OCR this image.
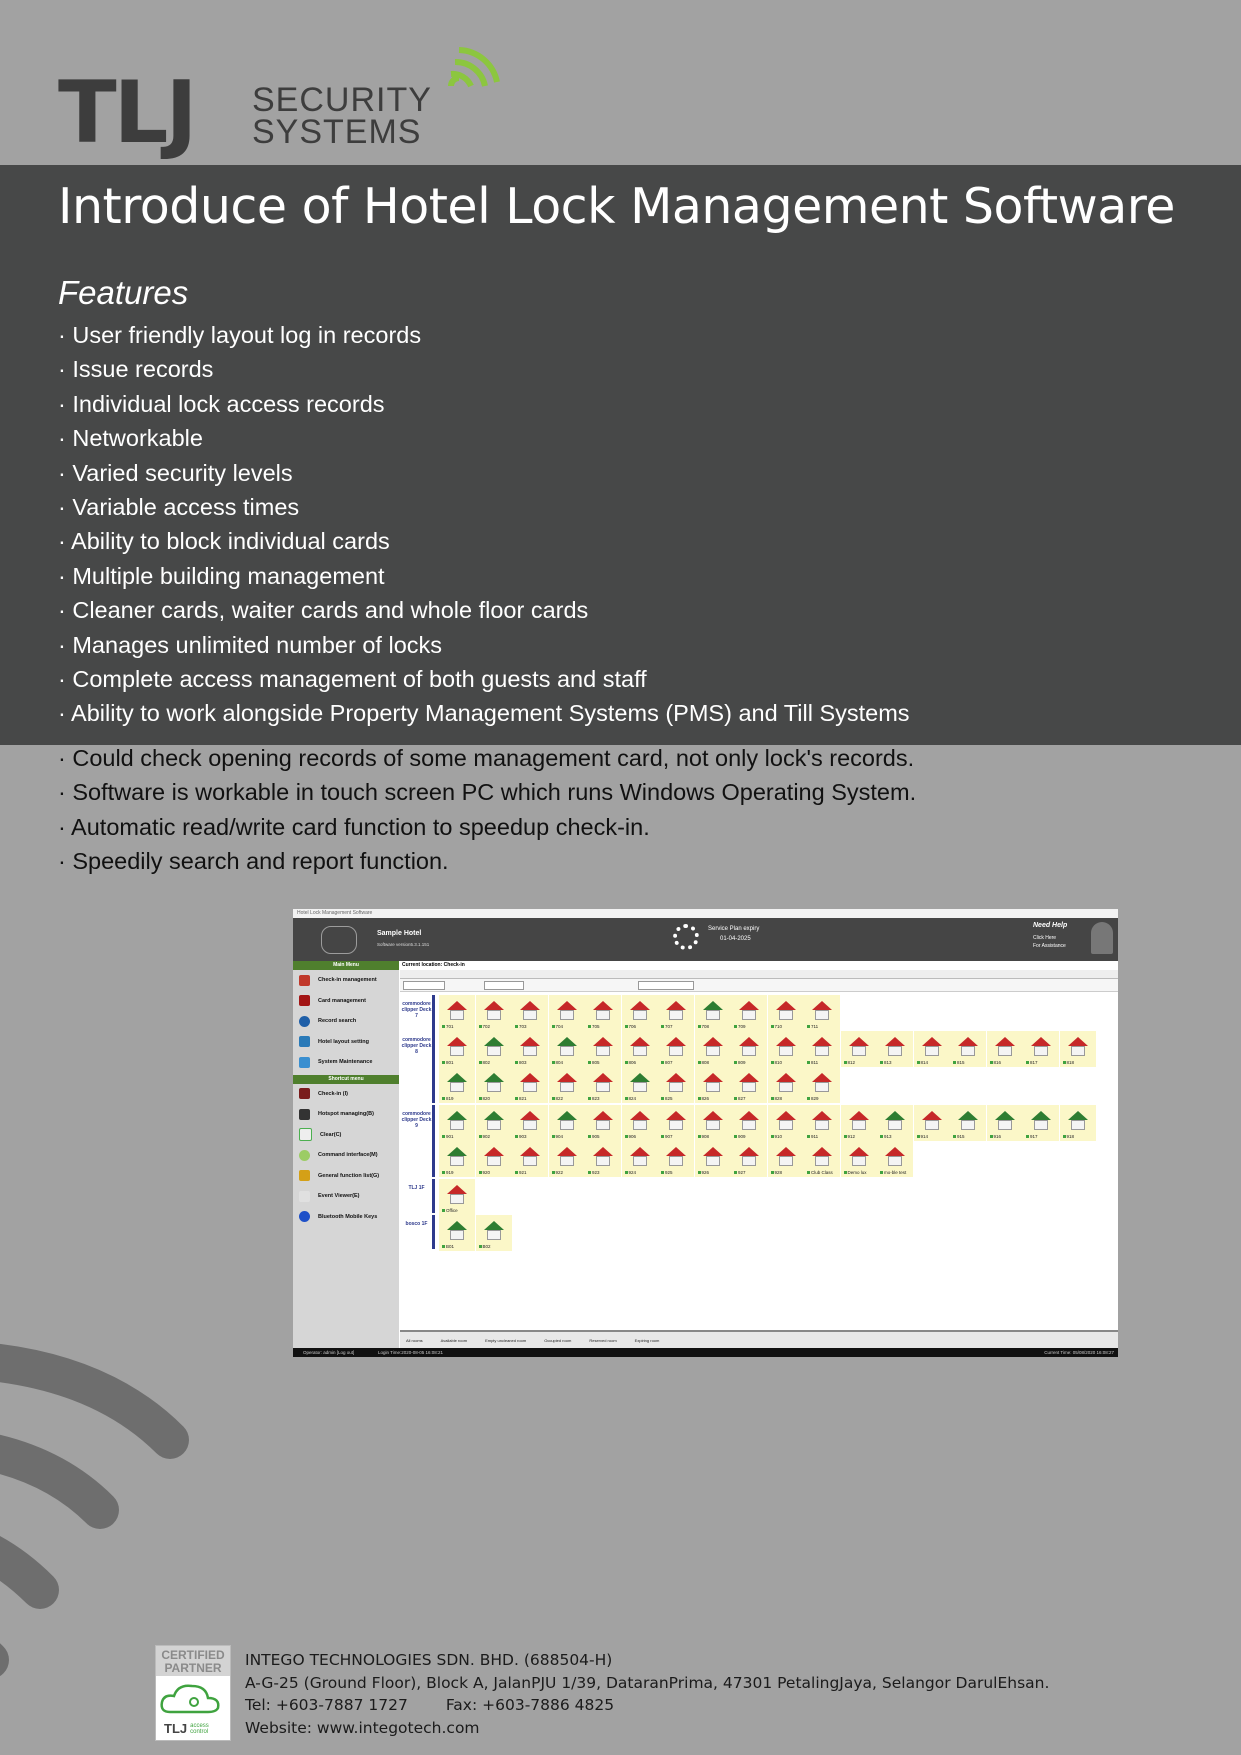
TLJ SECURITY
SYSTEMS
Introduce of Hotel Lock Management Software
Features
· User friendly layout log in records
· Issue records
· Individual lock access records
· Networkable
· Varied security levels
· Variable access times
· Ability to block individual cards
· Multiple building management
· Cleaner cards, waiter cards and whole floor cards
· Manages unlimited number of locks
· Complete access management of both guests and staff
· Ability to work alongside Property Management Systems (PMS) and Till Systems
· Could check opening records of some management card, not only lock's records.
· Software is workable in touch screen PC which runs Windows Operating System.
· Automatic read/write card function to speedup check-in.
· Speedily search and report function.
Hotel Lock Management Software
Sample Hotel
Software version5.3.1.151
Service Plan expiry
01-04-2025
Need Help
Click Here
For Assistance
Main Menu
Check-in management
Card management
Record search
Hotel layout setting
System Maintenance
Shortcut menu
Check-in (I)
Hotspot managing(B)
Clear(C)
Command interface(M)
General function list(G)
Event Viewer(E)
Bluetooth Mobile Keys
Current location: Check-in
commodore clipper Deck 7
701	702	703	704	705	706	707	708	709	710	711
commodore clipper Deck 8
801	802	803	804	805	806	807	808	809	810	811	812	813	814	815	816	817	818
819	820	821	822	823	824	825	826	827	828	829
commodore clipper Deck 9
901	902	903	904	905	906	907	908	909	910	911	912	913	914	915	916	917	918
919	920	921	922	923	924	925	926	927	928	Club Class	Demo lux	mo-ble test
TLJ 1F
Office
bosco 1F
B01	B02
All rooms	Available room	Empty uncleaned room	Occupied room	Reserved room	Expiring room
Operator: admin [Log out]	Login Time:2020-08-05 16:08:21	Current Time: 05/08/2020 16:08:27
CERTIFIED
PARTNER
TLJ access control
INTEGO TECHNOLOGIES SDN. BHD. (688504-H)
A-G-25 (Ground Floor), Block A, JalanPJU 1/39, DataranPrima, 47301 PetalingJaya, Selangor DarulEhsan.
Tel: +603-7887 1727 Fax: +603-7886 4825
Website: www.integotech.com
